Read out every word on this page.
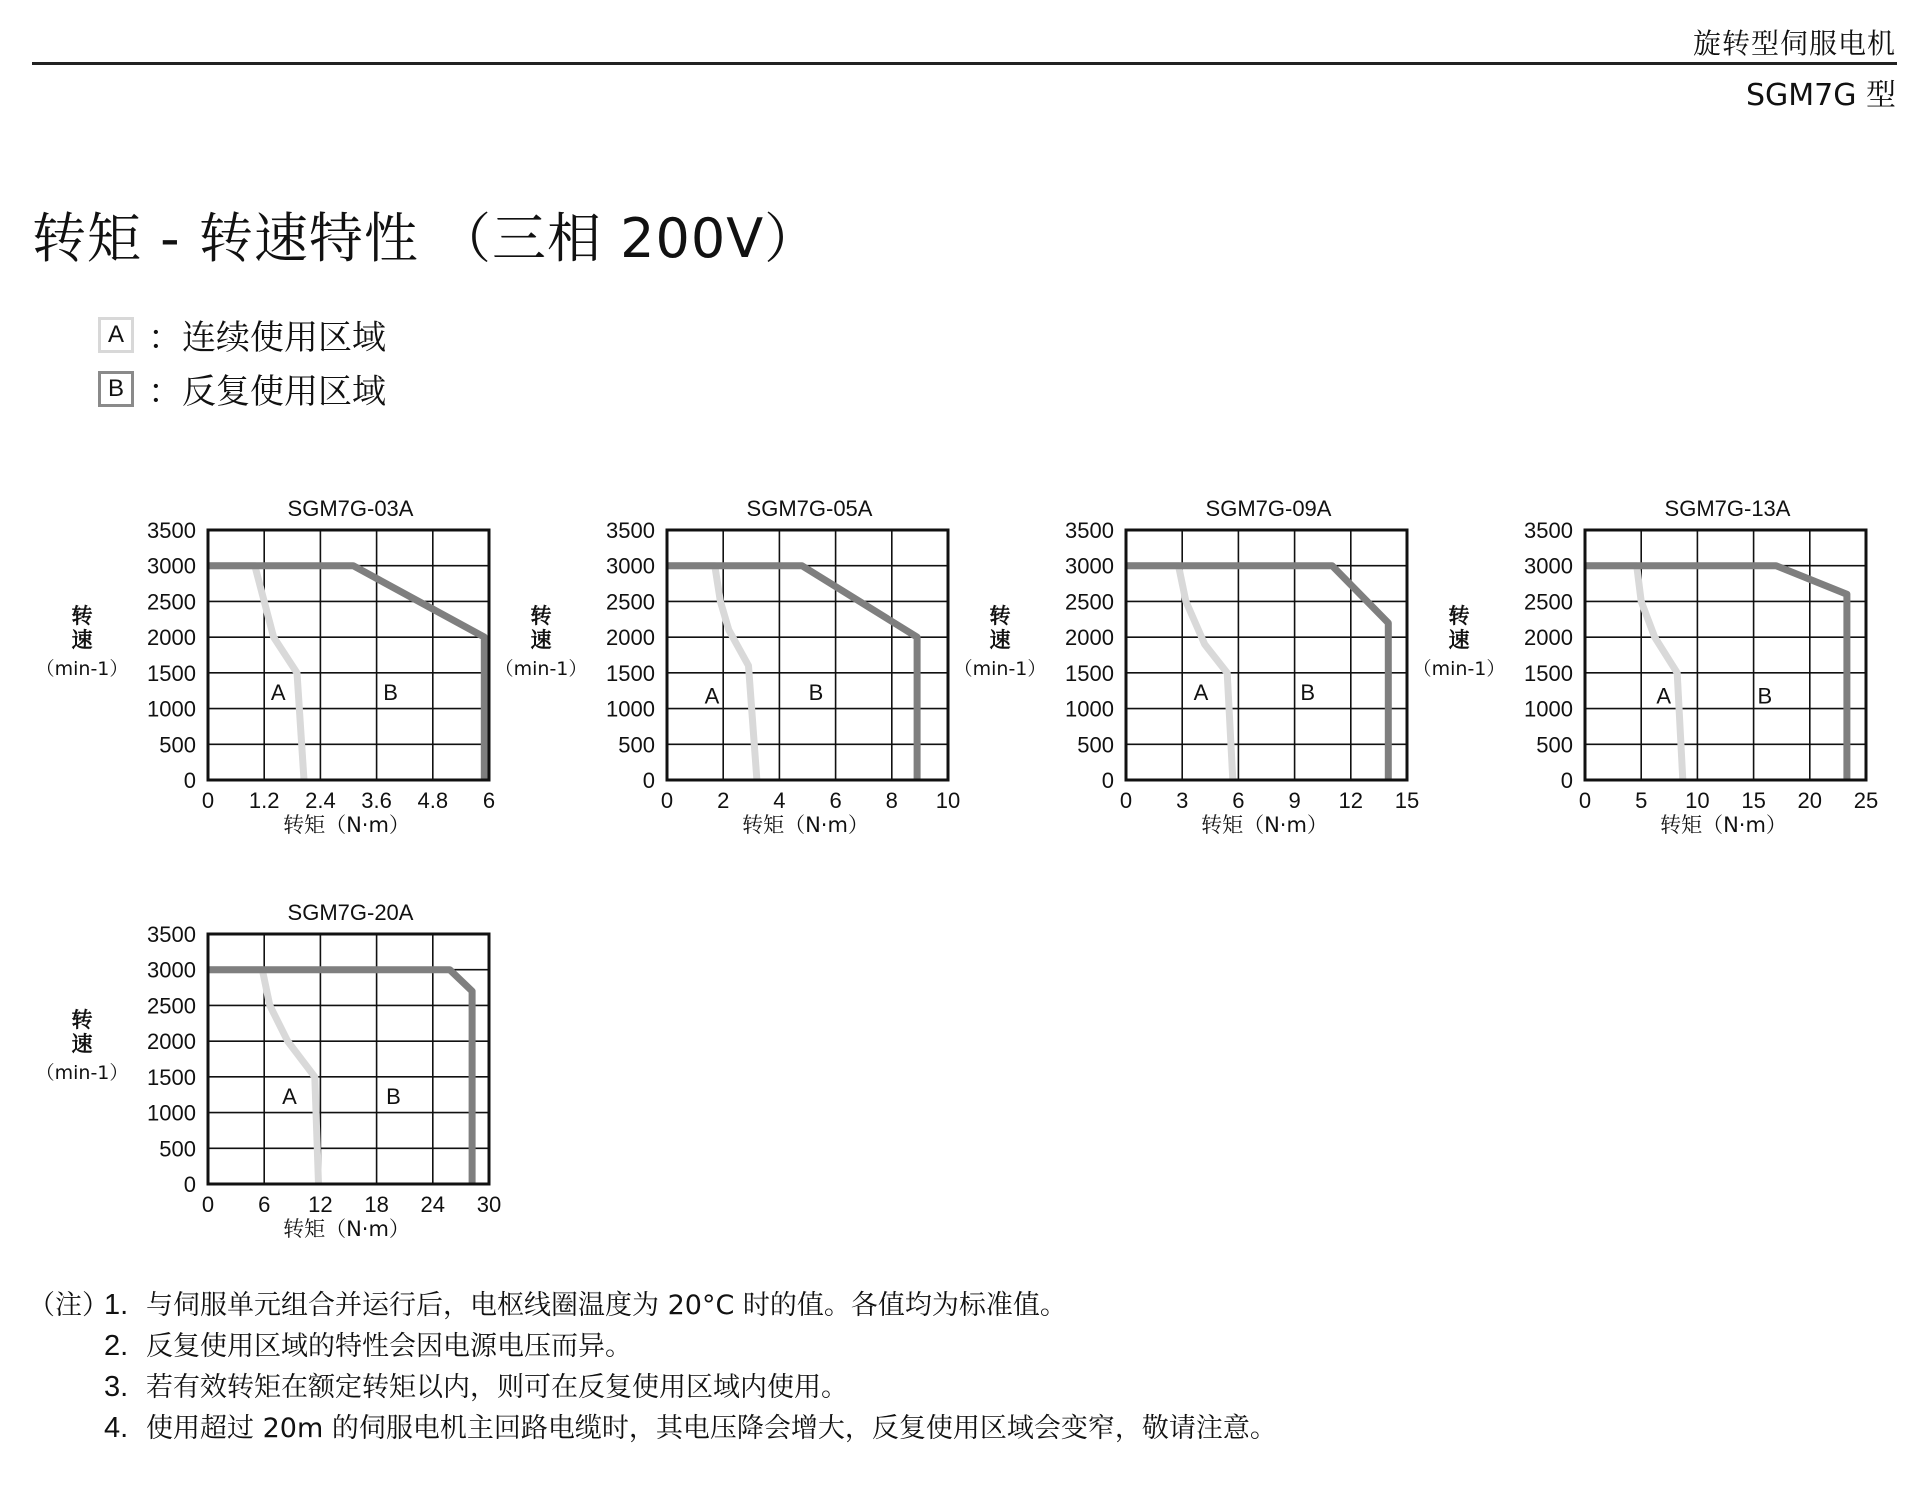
旋转型伺服电机
SGM7G 型
转矩 - 转速特性 （三相 200V）
A ：连续使用区域
B ：反复使用区域
SGM7G-03A
A	B
0
500
1000
1500
2000
2500
3000
3500
0 1.2 2.4 3.6 4.8 6
转矩（N·m）
转
速
（min-1）
SGM7G-05A
A	B
0
500
1000
1500
2000
2500
3000
3500
0 2 4 6 8 10
转矩（N·m）
转
速
（min-1）
SGM7G-09A
A	B
0
500
1000
1500
2000
2500
3000
3500
0 3 6 9 12 15
转矩（N·m）
转
速
（min-1）
SGM7G-13A
A	B
0
500
1000
1500
2000
2500
3000
3500
0 5 10 15 20 25
转矩（N·m）
转
速
（min-1）
SGM7G-20A
A	B
0
500
1000
1500
2000
2500
3000
3500
0 6 12 18 24 30
转矩（N·m）
转
速
（min-1）
（注）
1. 与伺服单元组合并运行后，电枢线圈温度为 20°C 时的值。各值均为标准值。
2. 反复使用区域的特性会因电源电压而异。
3. 若有效转矩在额定转矩以内，则可在反复使用区域内使用。
4. 使用超过 20m 的伺服电机主回路电缆时，其电压降会增大，反复使用区域会变窄，敬请注意。
